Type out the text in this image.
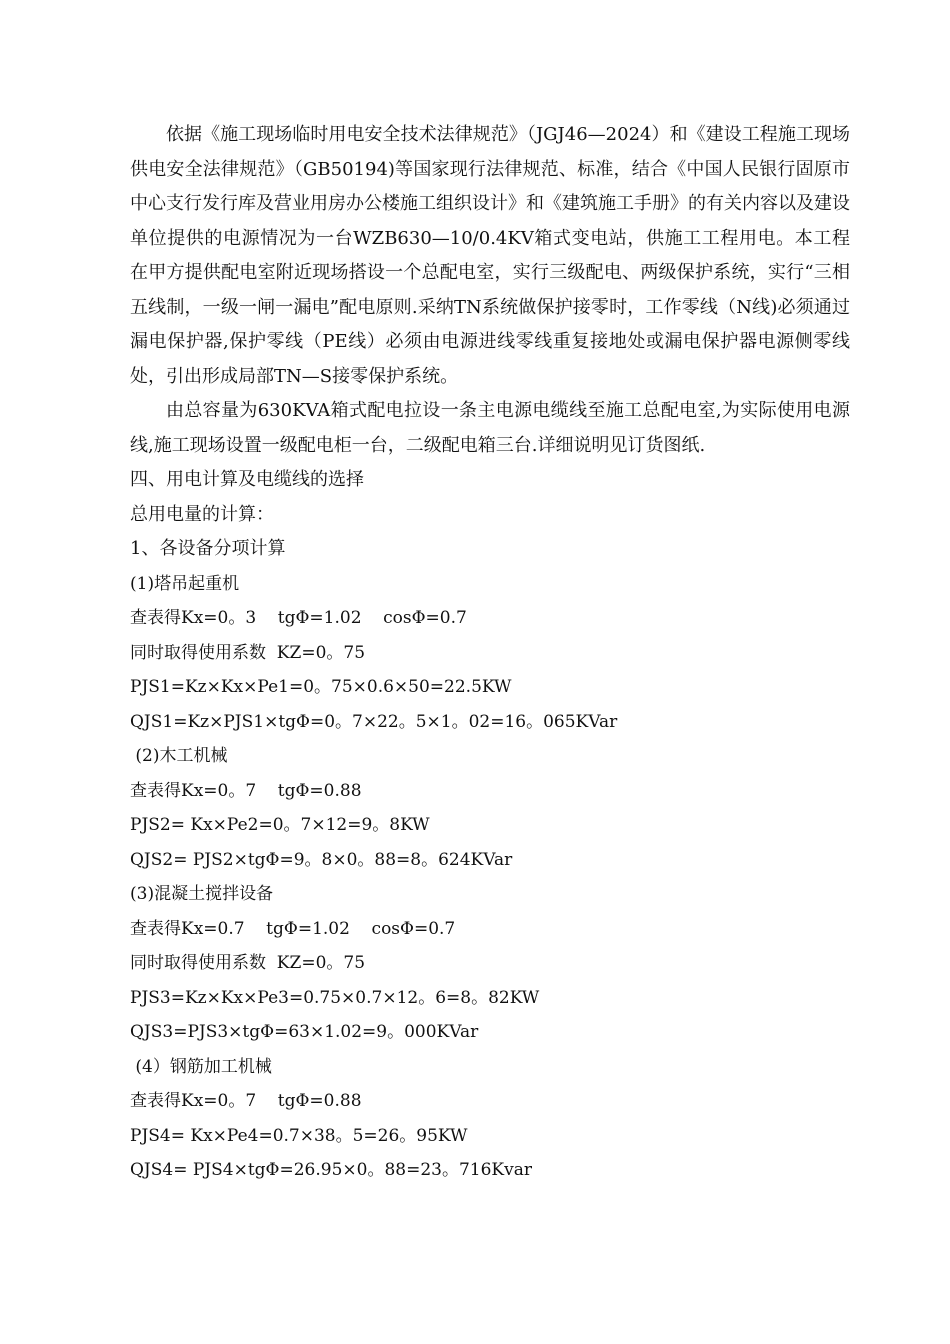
依据《施工现场临时用电安全技术法律规范》（JGJ46—2024）和《建设工程施工现场供电安全法律规范》（GB50194)等国家现行法律规范、标准，结合《中国人民银行固原市中心支行发行库及营业用房办公楼施工组织设计》和《建筑施工手册》的有关内容以及建设单位提供的电源情况为一台WZB630—10/0.4KV箱式变电站，供施工工程用电。本工程在甲方提供配电室附近现场搭设一个总配电室，实行三级配电、两级保护系统，实行“三相五线制，一级一闸一漏电”配电原则.采纳TN系统做保护接零时，工作零线（N线)必须通过漏电保护器,保护零线（PE线）必须由电源进线零线重复接地处或漏电保护器电源侧零线处，引出形成局部TN—S接零保护系统。

由总容量为630KVA箱式配电拉设一条主电源电缆线至施工总配电室,为实际使用电源线,施工现场设置一级配电柜一台，二级配电箱三台.详细说明见订货图纸.

四、用电计算及电缆线的选择

总用电量的计算：

1、各设备分项计算

(1)塔吊起重机

查表得Kx=0。3    tgΦ=1.02    cosΦ=0.7

同时取得使用系数  KZ=0。75

PJS1=Kz×Kx×Pe1=0。75×0.6×50=22.5KW

QJS1=Kz×PJS1×tgΦ=0。7×22。5×1。02=16。065KVar

(2)木工机械

查表得Kx=0。7    tgΦ=0.88

PJS2= Kx×Pe2=0。7×12=9。8KW

QJS2= PJS2×tgΦ=9。8×0。88=8。624KVar

(3)混凝土搅拌设备

查表得Kx=0.7    tgΦ=1.02    cosΦ=0.7

同时取得使用系数  KZ=0。75

PJS3=Kz×Kx×Pe3=0.75×0.7×12。6=8。82KW

QJS3=PJS3×tgΦ=63×1.02=9。000KVar

(4）钢筋加工机械

查表得Kx=0。7    tgΦ=0.88

PJS4= Kx×Pe4=0.7×38。5=26。95KW

QJS4= PJS4×tgΦ=26.95×0。88=23。716Kvar
